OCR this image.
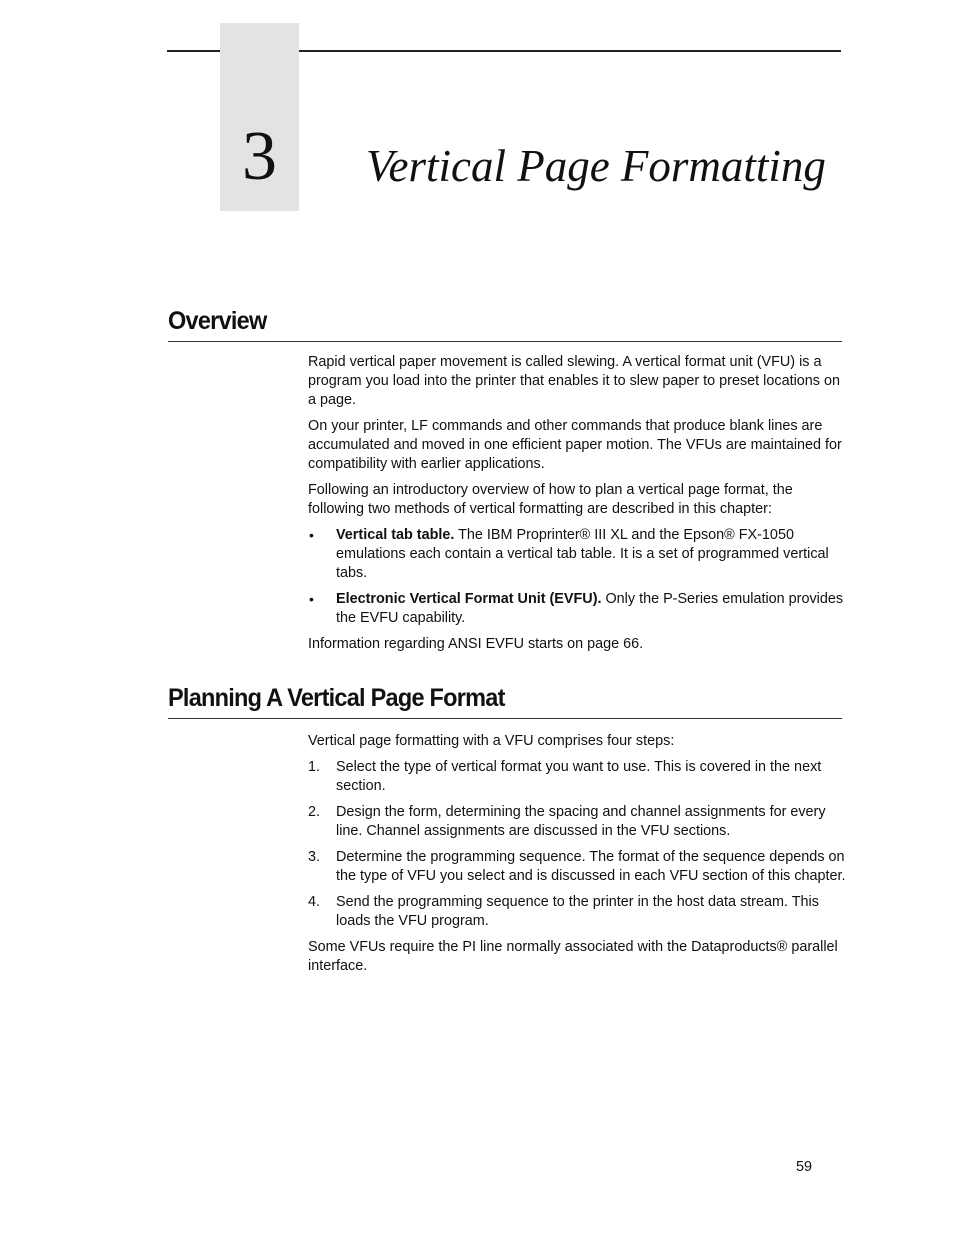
3	Vertical Page Formatting
Overview

Rapid vertical paper movement is called slewing. A vertical format unit (VFU) is a program you load into the printer that enables it to slew paper to preset locations on a page.

On your printer, LF commands and other commands that produce blank lines are accumulated and moved in one efficient paper motion. The VFUs are maintained for compatibility with earlier applications.

Following an introductory overview of how to plan a vertical page format, the following two methods of vertical formatting are described in this chapter:

• Vertical tab table. The IBM Proprinter® III XL and the Epson® FX-1050 emulations each contain a vertical tab table. It is a set of programmed vertical tabs.
• Electronic Vertical Format Unit (EVFU). Only the P-Series emulation provides the EVFU capability.

Information regarding ANSI EVFU starts on page 66.

Planning A Vertical Page Format

Vertical page formatting with a VFU comprises four steps:

1. Select the type of vertical format you want to use. This is covered in the next section.
2. Design the form, determining the spacing and channel assignments for every line. Channel assignments are discussed in the VFU sections.
3. Determine the programming sequence. The format of the sequence depends on the type of VFU you select and is discussed in each VFU section of this chapter.
4. Send the programming sequence to the printer in the host data stream. This loads the VFU program.

Some VFUs require the PI line normally associated with the Dataproducts® parallel interface.

59
